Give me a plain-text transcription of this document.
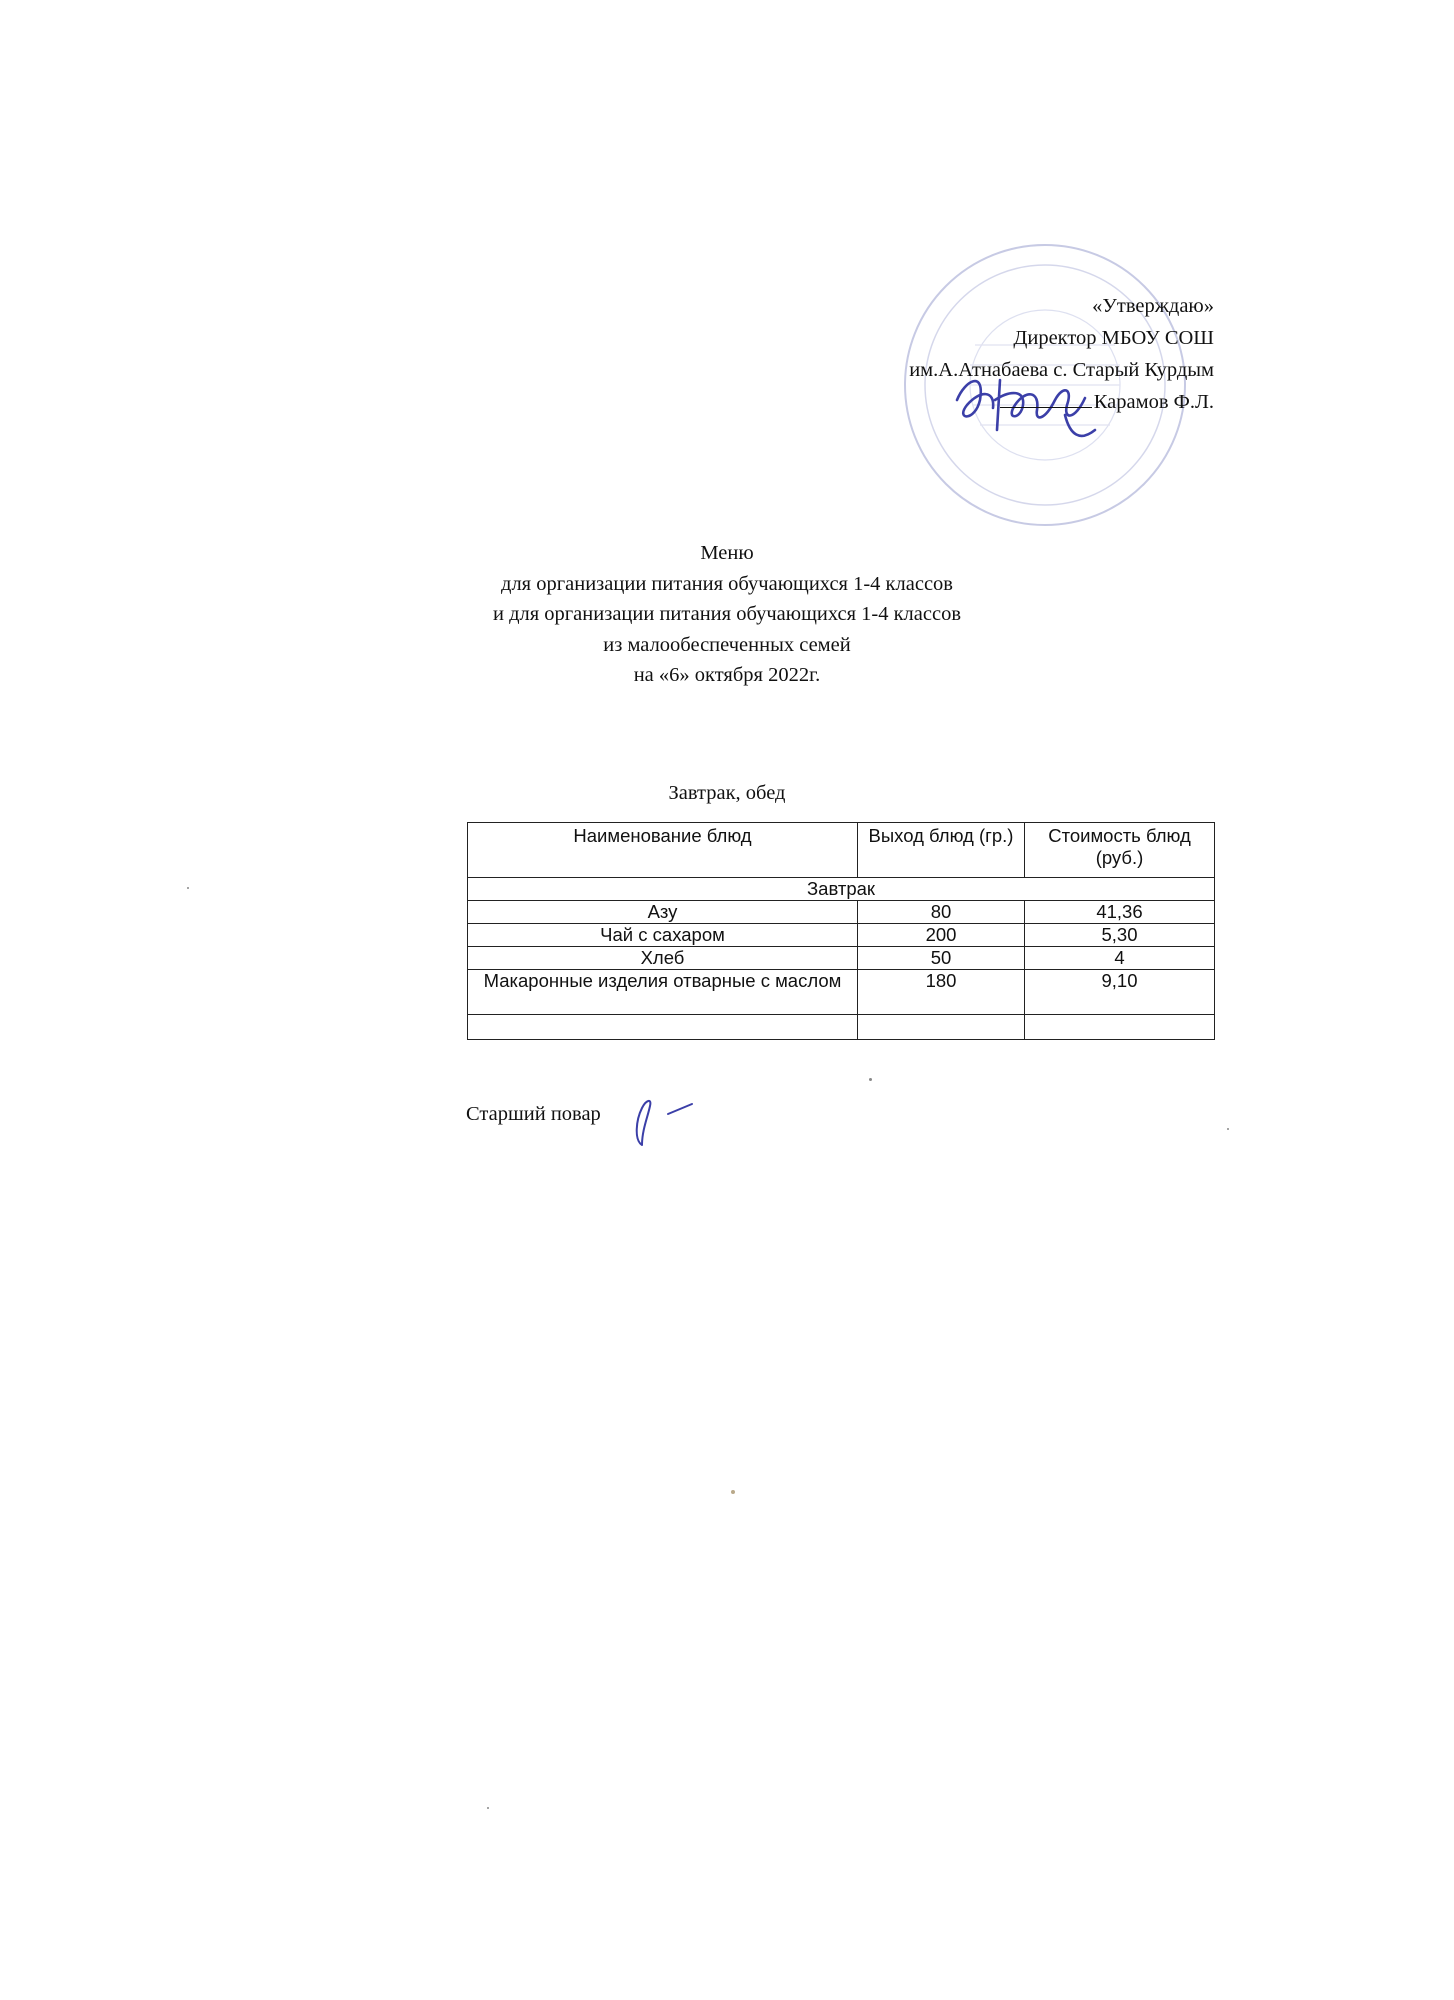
«Утверждаю»
Директор МБОУ СОШ
им.А.Атнабаева с. Старый Курдым
Карамов Ф.Л.
Меню
для организации питания обучающихся 1-4 классов
и для организации питания обучающихся 1-4 классов
из малообеспеченных семей
на «6» октября 2022г.
Завтрак, обед
Наименование блюд	Выход блюд (гр.)	Стоимость блюд (руб.)
Завтрак		
Азу	80	41,36
Чай с сахаром	200	5,30
Хлеб	50	4
Макаронные изделия отварные с маслом	180	9,10

Старший повар
